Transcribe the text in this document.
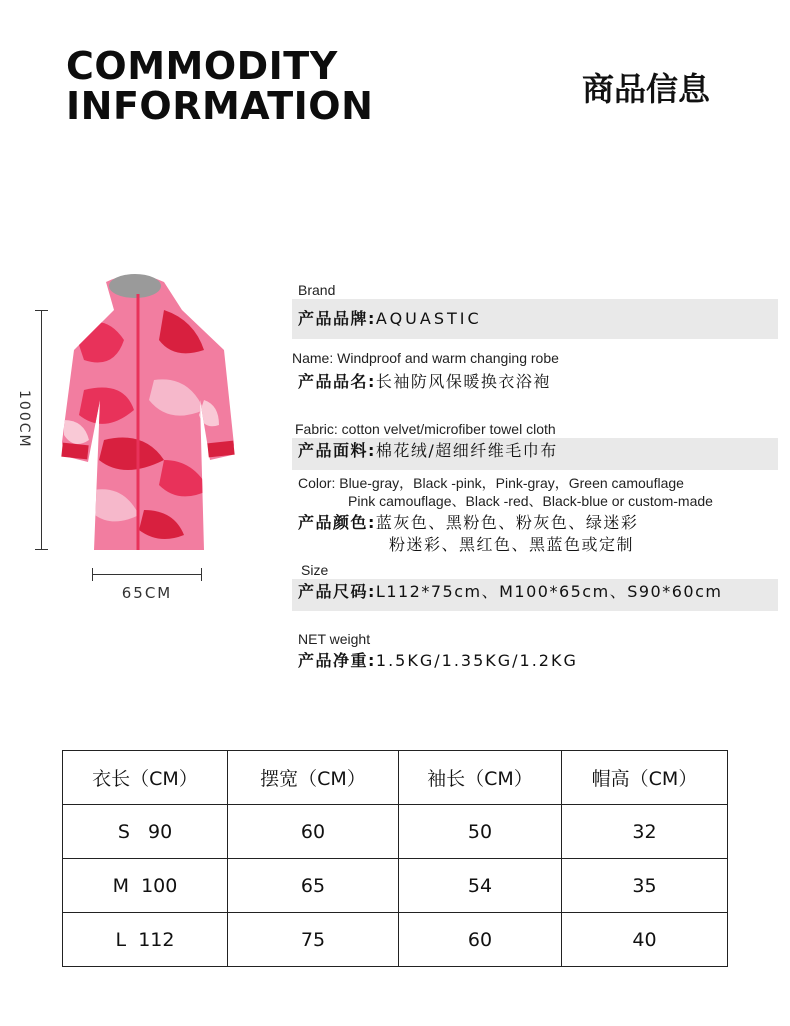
COMMODITY
INFORMATION	商品信息
100CM
65CM
Brand
产品品牌:AQUASTIC
Name: Windproof and warm changing robe
产品品名:长袖防风保暖换衣浴袍
Fabric: cotton velvet/microfiber towel cloth
产品面料:棉花绒/超细纤维毛巾布
Color: Blue-gray，Black -pink，Pink-gray，Green camouflage
Pink camouflage、Black -red、Black-blue or custom-made
产品颜色:蓝灰色、黑粉色、粉灰色、绿迷彩
粉迷彩、黑红色、黑蓝色或定制
Size
产品尺码:L112*75cm、M100*65cm、S90*60cm
NET weight
产品净重:1.5KG/1.35KG/1.2KG
衣长（CM）	摆宽（CM）	袖长（CM）	帽高（CM）
S   90	60	50	32
M  100	65	54	35
L  112	75	60	40
